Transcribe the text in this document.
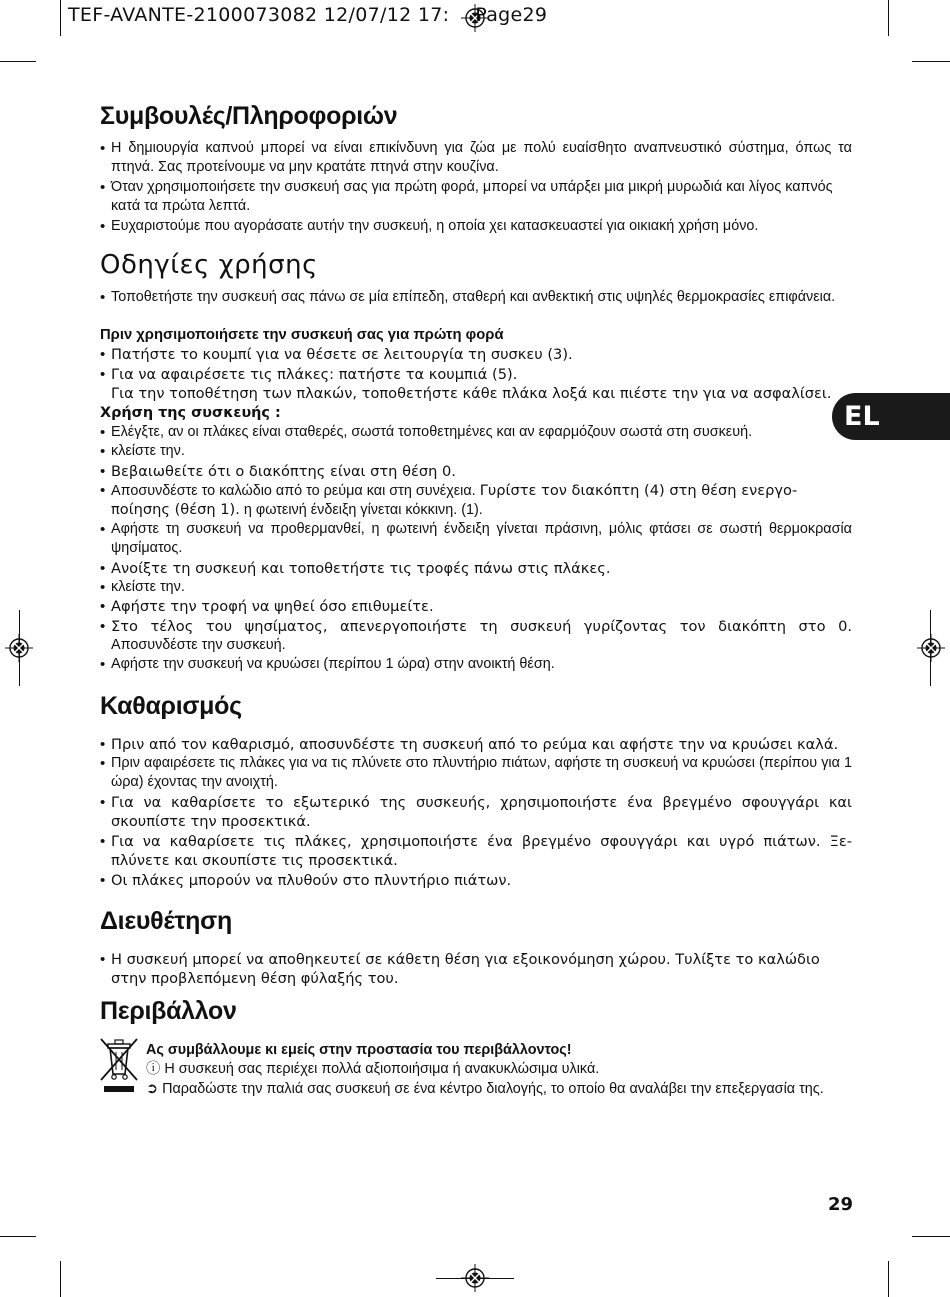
TEF-AVANTE-2100073082 12/07/12 17: Page29
EL
Συμβουλές/Πληροφοριών
• Η δημιουργία καπνού μπορεί να είναι επικίνδυνη για ζώα με πολύ ευαίσθητο αναπνευστικό σύστημα, όπως τα πτηνά. Σας προτείνουμε να μην κρατάτε πτηνά στην κουζίνα.
• Όταν χρησιμοποιήσετε την συσκευή σας για πρώτη φορά, μπορεί να υπάρξει μια μικρή μυρωδιά και λίγος καπνός κατά τα πρώτα λεπτά.
• Ευχαριστούμε που αγοράσατε αυτήν την συσκευή, η οποία χει κατασκευαστεί για οικιακή χρήση μόνο.
Οδηγίες χρήσης
• Τοποθετήστε την συσκευή σας πάνω σε μία επίπεδη, σταθερή και ανθεκτική στις υψηλές θερμοκρασίες επιφάνεια.
Πριν χρησιμοποιήσετε την συσκευή σας για πρώτη φορά
• Πατήστε το κουμπί για να θέσετε σε λειτουργία τη συσκευ (3).
• Για να αφαιρέσετε τις πλάκες: πατήστε τα κουμπιά (5).
Για την τοποθέτηση των πλακών, τοποθετήστε κάθε πλάκα λοξά και πιέστε την για να ασφαλίσει.
Χρήση της συσκευής :
• Ελέγξτε, αν οι πλάκες είναι σταθερές, σωστά τοποθετημένες και αν εφαρμόζουν σωστά στη συσκευή.
• κλείστε την.
• Βεβαιωθείτε ότι ο διακόπτης είναι στη θέση 0.
• Αποσυνδέστε το καλώδιο από το ρεύμα και στη συνέχεια. Γυρίστε τον διακόπτη (4) στη θέση ενεργο-
ποίησης (θέση 1). η φωτεινή ένδειξη γίνεται κόκκινη. (1).
• Αφήστε τη συσκευή να προθερμανθεί, η φωτεινή ένδειξη γίνεται πράσινη, μόλις φτάσει σε σωστή θερμοκρασία ψησίματος.
• Ανοίξτε τη συσκευή και τοποθετήστε τις τροφές πάνω στις πλάκες.
• κλείστε την.
• Αφήστε την τροφή να ψηθεί όσο επιθυμείτε.
• Στο τέλος του ψησίματος, απενεργοποιήστε τη συσκευή γυρίζοντας τον διακόπτη στο 0.
Αποσυνδέστε την συσκευή.
• Αφήστε την συσκευή να κρυώσει (περίπου 1 ώρα) στην ανοικτή θέση.
Καθαρισμός
• Πριν από τον καθαρισμό, αποσυνδέστε τη συσκευή από το ρεύμα και αφήστε την να κρυώσει καλά.
• Πριν αφαιρέσετε τις πλάκες για να τις πλύνετε στο πλυντήριο πιάτων, αφήστε τη συσκευή να κρυώσει (περίπου για 1 ώρα) έχοντας την ανοιχτή.
• Για να καθαρίσετε το εξωτερικό της συσκευής, χρησιμοποιήστε ένα βρεγμένο σφουγγάρι και σκουπίστε την προσεκτικά.
• Για να καθαρίσετε τις πλάκες, χρησιμοποιήστε ένα βρεγμένο σφουγγάρι και υγρό πιάτων. Ξε-πλύνετε και σκουπίστε τις προσεκτικά.
• Οι πλάκες μπορούν να πλυθούν στο πλυντήριο πιάτων.
Διευθέτηση
• Η συσκευή μπορεί να αποθηκευτεί σε κάθετη θέση για εξοικονόμηση χώρου. Τυλίξτε το καλώδιο στην προβλεπόμενη θέση φύλαξής του.
Περιβάλλον
Ας συμβάλλουμε κι εμείς στην προστασία του περιβάλλοντος!
ⓘ Η συσκευή σας περιέχει πολλά αξιοποιήσιμα ή ανακυκλώσιμα υλικά.
➲ Παραδώστε την παλιά σας συσκευή σε ένα κέντρο διαλογής, το οποίο θα αναλάβει την επεξεργασία της.
29
